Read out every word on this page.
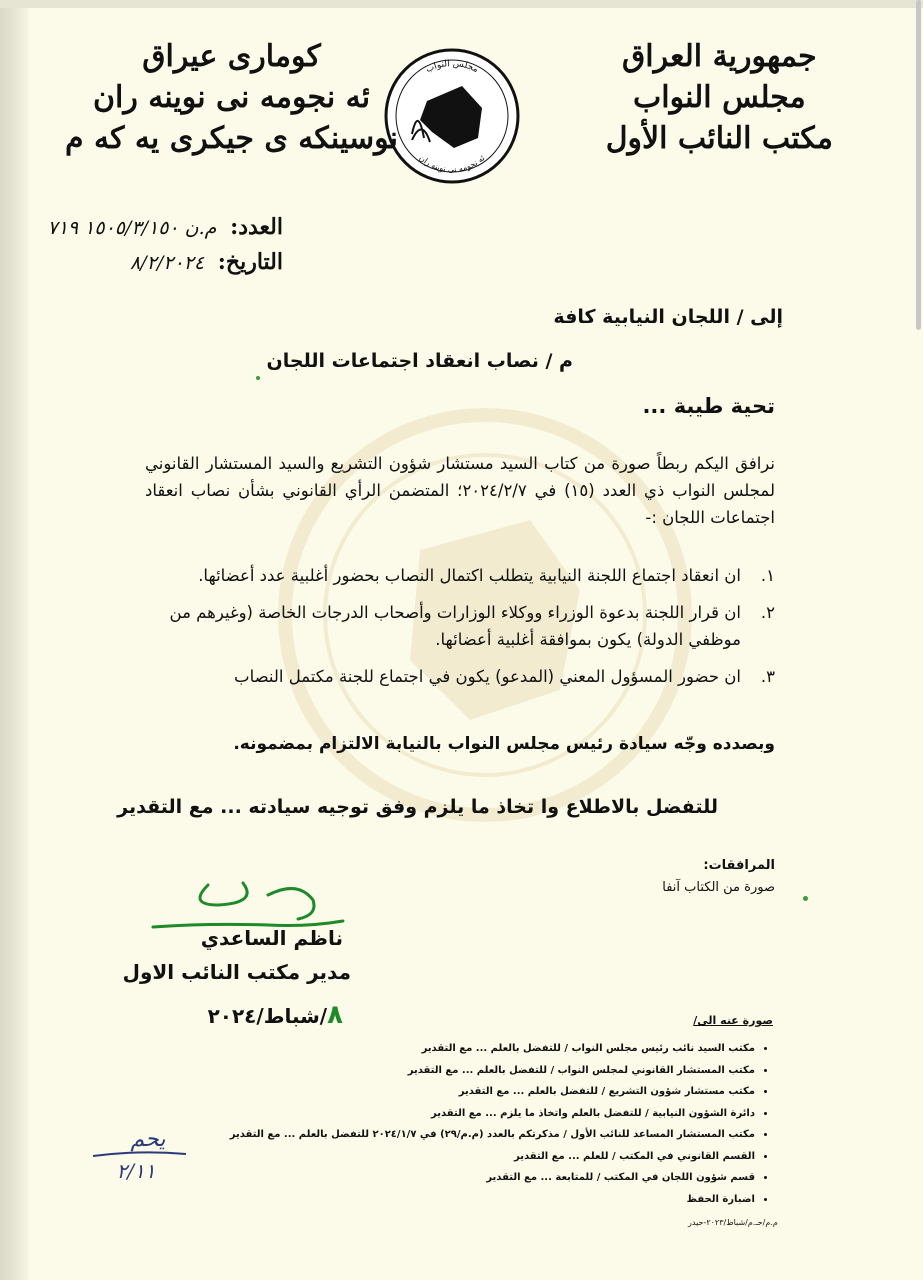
جمهورية العراق
مجلس النواب
مكتب النائب الأول
مجلس النواب
ئه نجومه نى نوينه ران
كومارى عيراق
ئه نجومه نى نوينه ران
نوسينكه ى جيكرى يه كه م
العدد: م.ن ١٥٠٥/٣/١٥٠ ٧١٩
التاريخ: ٨/٢/٢٠٢٤
إلى / اللجان النيابية كافة
م / نصاب انعقاد اجتماعات اللجان
تحية طيبة ...
نرافق اليكم ربطاً صورة من كتاب السيد مستشار شؤون التشريع والسيد المستشار القانوني لمجلس النواب ذي العدد (١٥) في ٢٠٢٤/٢/٧؛ المتضمن الرأي القانوني بشأن نصاب انعقاد اجتماعات اللجان :-
١.
ان انعقاد اجتماع اللجنة النيابية يتطلب اكتمال النصاب بحضور أغلبية عدد أعضائها.
٢.
ان قرار اللجنة بدعوة الوزراء ووكلاء الوزارات وأصحاب الدرجات الخاصة (وغيرهم من موظفي الدولة) يكون بموافقة أغلبية أعضائها.
٣.
ان حضور المسؤول المعني (المدعو) يكون في اجتماع للجنة مكتمل النصاب
وبصدده وجّه سيادة رئيس مجلس النواب بالنيابة الالتزام بمضمونه.
للتفضل بالاطلاع وا تخاذ ما يلزم وفق توجيه سيادته ... مع التقدير
المرافقات:
صورة من الكتاب آنفا
ناظم الساعدي
مدير مكتب النائب الاول
٨/شباط/٢٠٢٤	صورة عنه الى/
• مكتب السيد نائب رئيس مجلس النواب / للتفضل بالعلم ... مع التقدير
• مكتب المستشار القانوني لمجلس النواب / للتفضل بالعلم ... مع التقدير
• مكتب مستشار شؤون التشريع / للتفضل بالعلم ... مع التقدير
• دائرة الشؤون النيابية / للتفضل بالعلم واتخاذ ما يلزم ... مع التقدير
• مكتب المستشار المساعد للنائب الأول / مذكرتكم بالعدد (م.م/٢٩) في ٢٠٢٤/١/٧ للتفضل بالعلم ... مع التقدير
• القسم القانوني في المكتب / للعلم ... مع التقدير
• قسم شؤون اللجان في المكتب / للمتابعة ... مع التقدير
• اضبارة الحفظ
يحم
٢/١١
م.م/حـ.م/شباط/٢٠٢٣-حيدر
